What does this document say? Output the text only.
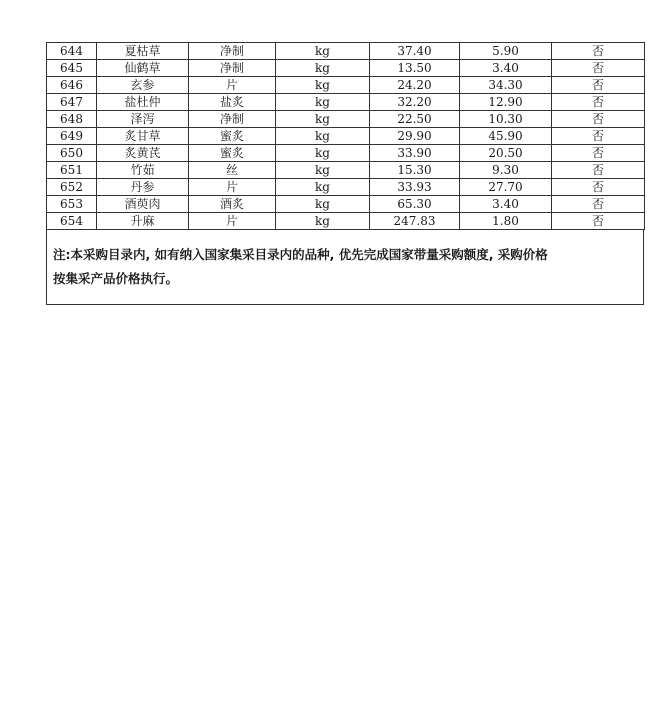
644	夏枯草	净制	kg	37.40	5.90	否
645	仙鹤草	净制	kg	13.50	3.40	否
646	玄参	片	kg	24.20	34.30	否
647	盐杜仲	盐炙	kg	32.20	12.90	否
648	泽泻	净制	kg	22.50	10.30	否
649	炙甘草	蜜炙	kg	29.90	45.90	否
650	炙黄芪	蜜炙	kg	33.90	20.50	否
651	竹茹	丝	kg	15.30	9.30	否
652	丹参	片	kg	33.93	27.70	否
653	酒萸肉	酒炙	kg	65.30	3.40	否
654	升麻	片	kg	247.83	1.80	否
注:本采购目录内, 如有纳入国家集采目录内的品种, 优先完成国家带量采购额度, 采购价格
按集采产品价格执行。
